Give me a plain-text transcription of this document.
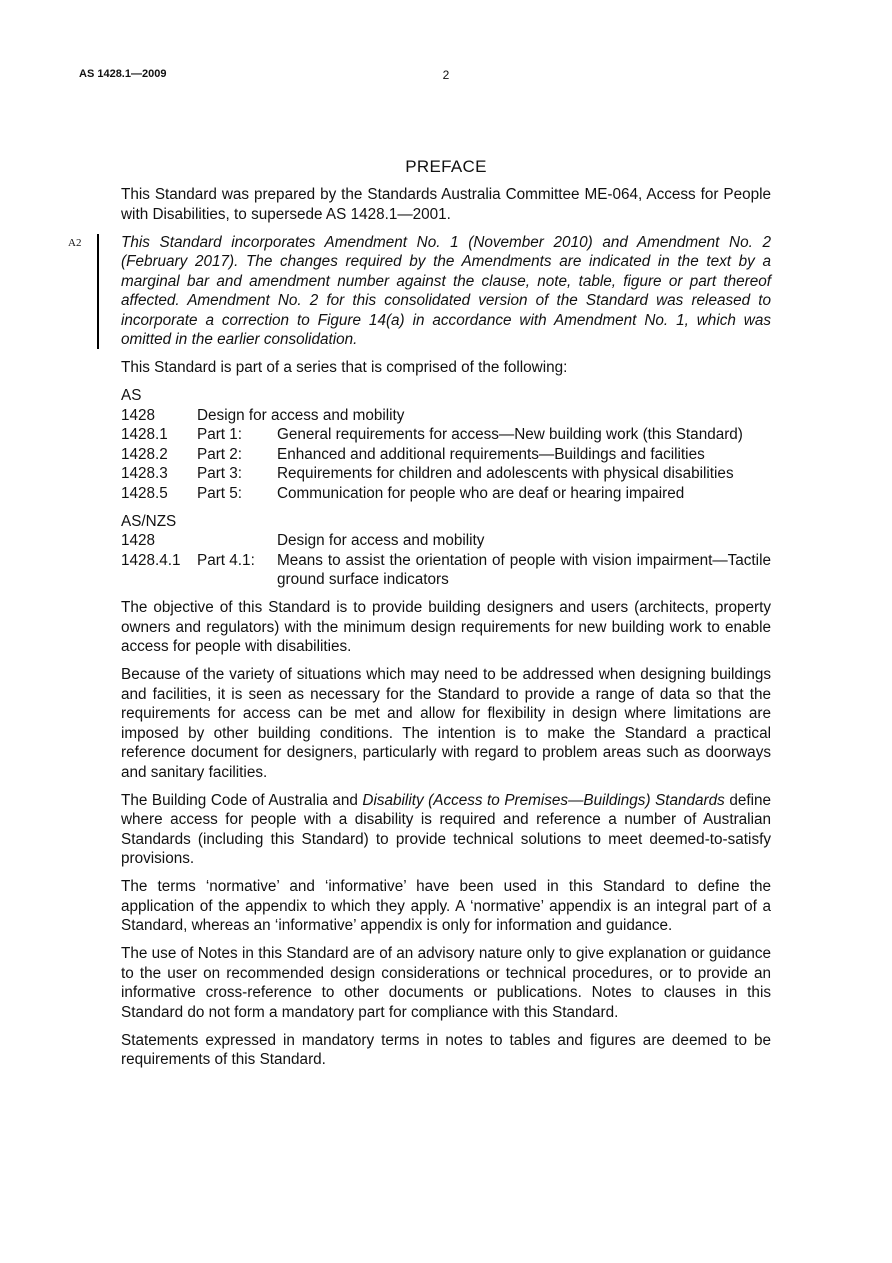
AS 1428.1—2009	2
PREFACE

This Standard was prepared by the Standards Australia Committee ME-064, Access for People with Disabilities, to supersede AS 1428.1—2001.

A2	This Standard incorporates Amendment No. 1 (November 2010) and Amendment No. 2 (February 2017). The changes required by the Amendments are indicated in the text by a marginal bar and amendment number against the clause, note, table, figure or part thereof affected. Amendment No. 2 for this consolidated version of the Standard was released to incorporate a correction to Figure 14(a) in accordance with Amendment No. 1, which was omitted in the earlier consolidation.

This Standard is part of a series that is comprised of the following:

AS
1428	Design for access and mobility
1428.1	Part 1:	General requirements for access—New building work (this Standard)
1428.2	Part 2:	Enhanced and additional requirements—Buildings and facilities
1428.3	Part 3:	Requirements for children and adolescents with physical disabilities
1428.5	Part 5:	Communication for people who are deaf or hearing impaired
AS/NZS
1428	Design for access and mobility
1428.4.1	Part 4.1:	Means to assist the orientation of people with vision impairment—Tactile ground surface indicators

The objective of this Standard is to provide building designers and users (architects, property owners and regulators) with the minimum design requirements for new building work to enable access for people with disabilities.

Because of the variety of situations which may need to be addressed when designing buildings and facilities, it is seen as necessary for the Standard to provide a range of data so that the requirements for access can be met and allow for flexibility in design where limitations are imposed by other building conditions. The intention is to make the Standard a practical reference document for designers, particularly with regard to problem areas such as doorways and sanitary facilities.

The Building Code of Australia and Disability (Access to Premises—Buildings) Standards define where access for people with a disability is required and reference a number of Australian Standards (including this Standard) to provide technical solutions to meet deemed-to-satisfy provisions.

The terms ‘normative’ and ‘informative’ have been used in this Standard to define the application of the appendix to which they apply. A ‘normative’ appendix is an integral part of a Standard, whereas an ‘informative’ appendix is only for information and guidance.

The use of Notes in this Standard are of an advisory nature only to give explanation or guidance to the user on recommended design considerations or technical procedures, or to provide an informative cross-reference to other documents or publications. Notes to clauses in this Standard do not form a mandatory part for compliance with this Standard.

Statements expressed in mandatory terms in notes to tables and figures are deemed to be requirements of this Standard.
